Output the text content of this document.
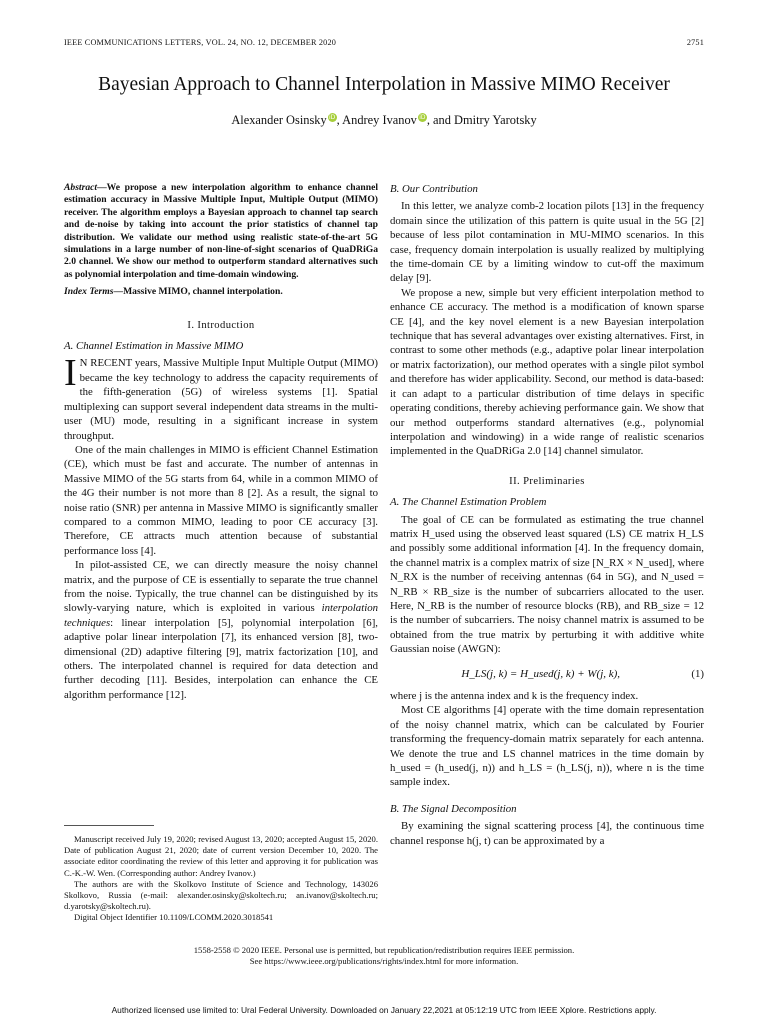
IEEE COMMUNICATIONS LETTERS, VOL. 24, NO. 12, DECEMBER 2020	2751
Bayesian Approach to Channel Interpolation in Massive MIMO Receiver
Alexander Osinsky iD, Andrey Ivanov iD, and Dmitry Yarotsky
Abstract—We propose a new interpolation algorithm to enhance channel estimation accuracy in Massive Multiple Input, Multiple Output (MIMO) receiver. The algorithm employs a Bayesian approach to channel tap search and de-noise by taking into account the prior statistics of channel tap distribution. We validate our method using realistic state-of-the-art 5G simulations in a large number of non-line-of-sight scenarios of QuaDRiGa 2.0 channel. We show our method to outperform standard alternatives such as polynomial interpolation and time-domain windowing.
Index Terms—Massive MIMO, channel interpolation.
I. Introduction
A. Channel Estimation in Massive MIMO

I N RECENT years, Massive Multiple Input Multiple Output (MIMO) became the key technology to address the capacity requirements of the fifth-generation (5G) of wireless systems [1]. Spatial multiplexing can support several independent data streams in the multi-user (MU) mode, resulting in a significant increase in system throughput.

One of the main challenges in MIMO is efficient Channel Estimation (CE), which must be fast and accurate. The number of antennas in Massive MIMO of the 5G starts from 64, while in a common MIMO of the 4G their number is not more than 8 [2]. As a result, the signal to noise ratio (SNR) per antenna in Massive MIMO is significantly smaller compared to a common MIMO, leading to poor CE accuracy [3]. Therefore, CE attracts much attention because of substantial performance loss [4].

In pilot-assisted CE, we can directly measure the noisy channel matrix, and the purpose of CE is essentially to separate the true channel from the noise. Typically, the true channel can be distinguished by its slowly-varying nature, which is exploited in various interpolation techniques: linear interpolation [5], polynomial interpolation [6], adaptive polar linear interpolation [7], its enhanced version [8], two-dimensional (2D) adaptive filtering [9], matrix factorization [10], and others. The interpolated channel is required for data detection and further decoding [11]. Besides, interpolation can enhance the CE algorithm performance [12].

Manuscript received July 19, 2020; revised August 13, 2020; accepted August 15, 2020. Date of publication August 21, 2020; date of current version December 10, 2020. The associate editor coordinating the review of this letter and approving it for publication was C.-K.-W. Wen. (Corresponding author: Andrey Ivanov.)

The authors are with the Skolkovo Institute of Science and Technology, 143026 Skolkovo, Russia (e-mail: alexander.osinsky@skoltech.ru; an.ivanov@skoltech.ru; d.yarotsky@skoltech.ru).

Digital Object Identifier 10.1109/LCOMM.2020.3018541

B. Our Contribution

In this letter, we analyze comb-2 location pilots [13] in the frequency domain since the utilization of this pattern is quite usual in the 5G [2] because of less pilot contamination in MU-MIMO scenarios. In this case, frequency domain interpolation is usually realized by multiplying the time-domain CE by a limiting window to cut-off the maximum delay [9].

We propose a new, simple but very efficient interpolation method to enhance CE accuracy. The method is a modification of known sparse CE [4], and the key novel element is a new Bayesian interpolation technique that has several advantages over existing alternatives. First, in contrast to some other methods (e.g., adaptive polar linear interpolation or matrix factorization), our method operates with a single pilot symbol and therefore has wider applicability. Second, our method is data-based: it can adapt to a particular distribution of time delays in specific operating conditions, thereby achieving performance gain. We show that our method outperforms standard alternatives (e.g., polynomial interpolation and windowing) in a wide range of realistic scenarios implemented in the QuaDRiGa 2.0 [14] channel simulator.

II. Preliminaries
A. The Channel Estimation Problem

The goal of CE can be formulated as estimating the true channel matrix H_used using the observed least squared (LS) CE matrix H_LS and possibly some additional information [4]. In the frequency domain, the channel matrix is a complex matrix of size [N_RX × N_used], where N_RX is the number of receiving antennas (64 in 5G), and N_used = N_RB × RB_size is the number of subcarriers allocated to the user. Here, N_RB is the number of resource blocks (RB), and RB_size = 12 is the number of subcarriers. The noisy channel matrix is assumed to be obtained from the true matrix by perturbing it with additive white Gaussian noise (AWGN):

H_LS(j, k) = H_used(j, k) + W(j, k),	(1)

where j is the antenna index and k is the frequency index.

Most CE algorithms [4] operate with the time domain representation of the noisy channel matrix, which can be calculated by Fourier transforming the frequency-domain matrix separately for each antenna. We denote the true and LS channel matrices in the time domain by h_used = (h_used(j, n)) and h_LS = (h_LS(j, n)), where n is the time sample index.

B. The Signal Decomposition

By examining the signal scattering process [4], the continuous time channel response h(j, t) can be approximated by a

1558-2558 © 2020 IEEE. Personal use is permitted, but republication/redistribution requires IEEE permission.
See https://www.ieee.org/publications/rights/index.html for more information.
Authorized licensed use limited to: Ural Federal University. Downloaded on January 22,2021 at 05:12:19 UTC from IEEE Xplore. Restrictions apply.
